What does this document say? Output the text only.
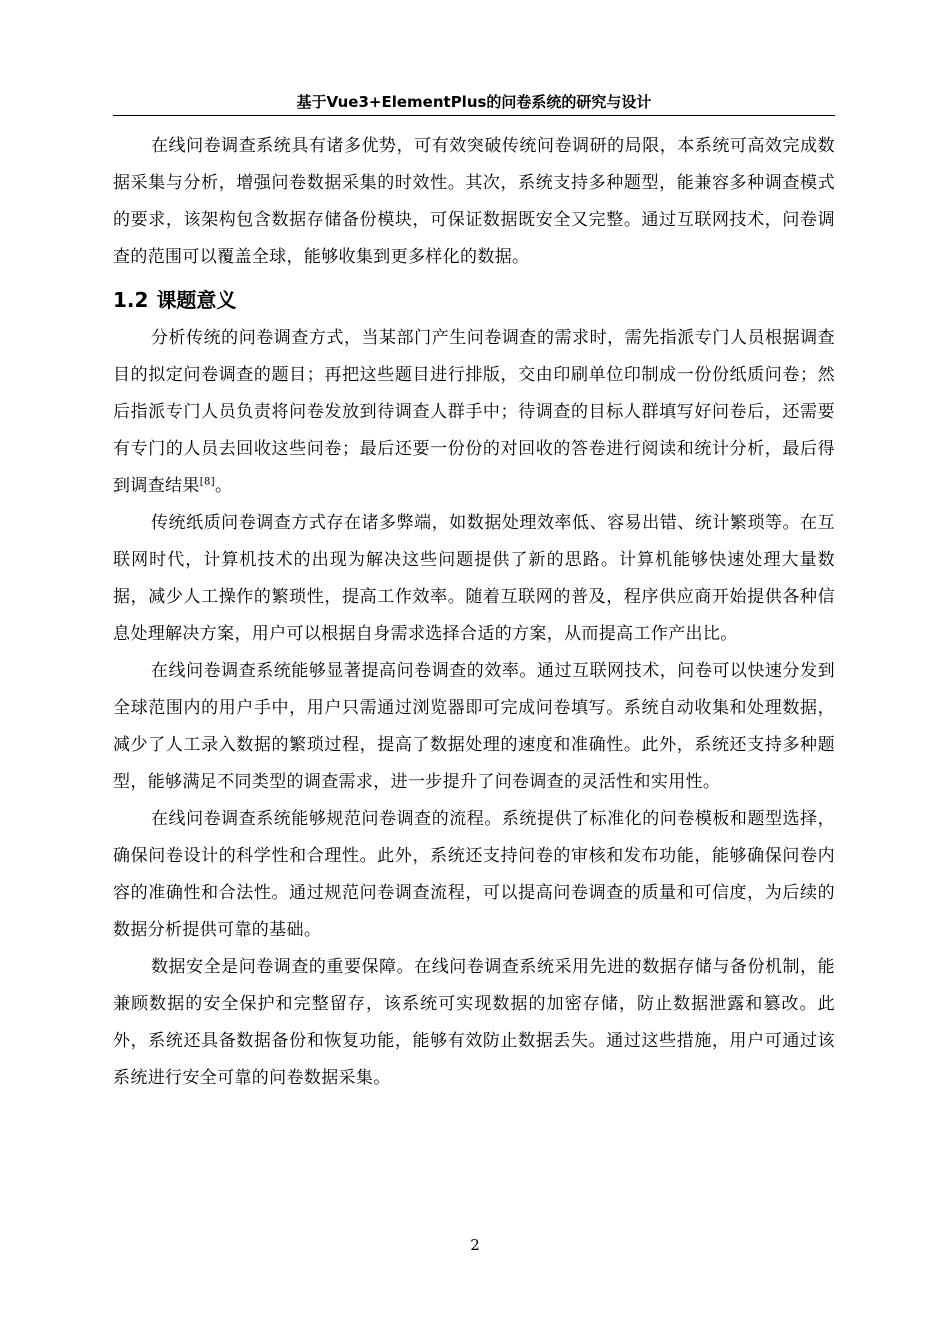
基于Vue3+ElementPlus的问卷系统的研究与设计

在线问卷调查系统具有诸多优势，可有效突破传统问卷调研的局限，本系统可高效完成数据采集与分析，增强问卷数据采集的时效性。其次，系统支持多种题型，能兼容多种调查模式的要求，该架构包含数据存储备份模块，可保证数据既安全又完整。通过互联网技术，问卷调查的范围可以覆盖全球，能够收集到更多样化的数据。

1.2 课题意义

分析传统的问卷调查方式，当某部门产生问卷调查的需求时，需先指派专门人员根据调查目的拟定问卷调查的题目；再把这些题目进行排版，交由印刷单位印制成一份份纸质问卷；然后指派专门人员负责将问卷发放到待调查人群手中；待调查的目标人群填写好问卷后，还需要有专门的人员去回收这些问卷；最后还要一份份的对回收的答卷进行阅读和统计分析，最后得到调查结果[8]。

传统纸质问卷调查方式存在诸多弊端，如数据处理效率低、容易出错、统计繁琐等。在互联网时代，计算机技术的出现为解决这些问题提供了新的思路。计算机能够快速处理大量数据，减少人工操作的繁琐性，提高工作效率。随着互联网的普及，程序供应商开始提供各种信息处理解决方案，用户可以根据自身需求选择合适的方案，从而提高工作产出比。

在线问卷调查系统能够显著提高问卷调查的效率。通过互联网技术，问卷可以快速分发到全球范围内的用户手中，用户只需通过浏览器即可完成问卷填写。系统自动收集和处理数据，减少了人工录入数据的繁琐过程，提高了数据处理的速度和准确性。此外，系统还支持多种题型，能够满足不同类型的调查需求，进一步提升了问卷调查的灵活性和实用性。

在线问卷调查系统能够规范问卷调查的流程。系统提供了标准化的问卷模板和题型选择，确保问卷设计的科学性和合理性。此外，系统还支持问卷的审核和发布功能，能够确保问卷内容的准确性和合法性。通过规范问卷调查流程，可以提高问卷调查的质量和可信度，为后续的数据分析提供可靠的基础。

数据安全是问卷调查的重要保障。在线问卷调查系统采用先进的数据存储与备份机制，能兼顾数据的安全保护和完整留存，该系统可实现数据的加密存储，防止数据泄露和篡改。此外，系统还具备数据备份和恢复功能，能够有效防止数据丢失。通过这些措施，用户可通过该系统进行安全可靠的问卷数据采集。

2
